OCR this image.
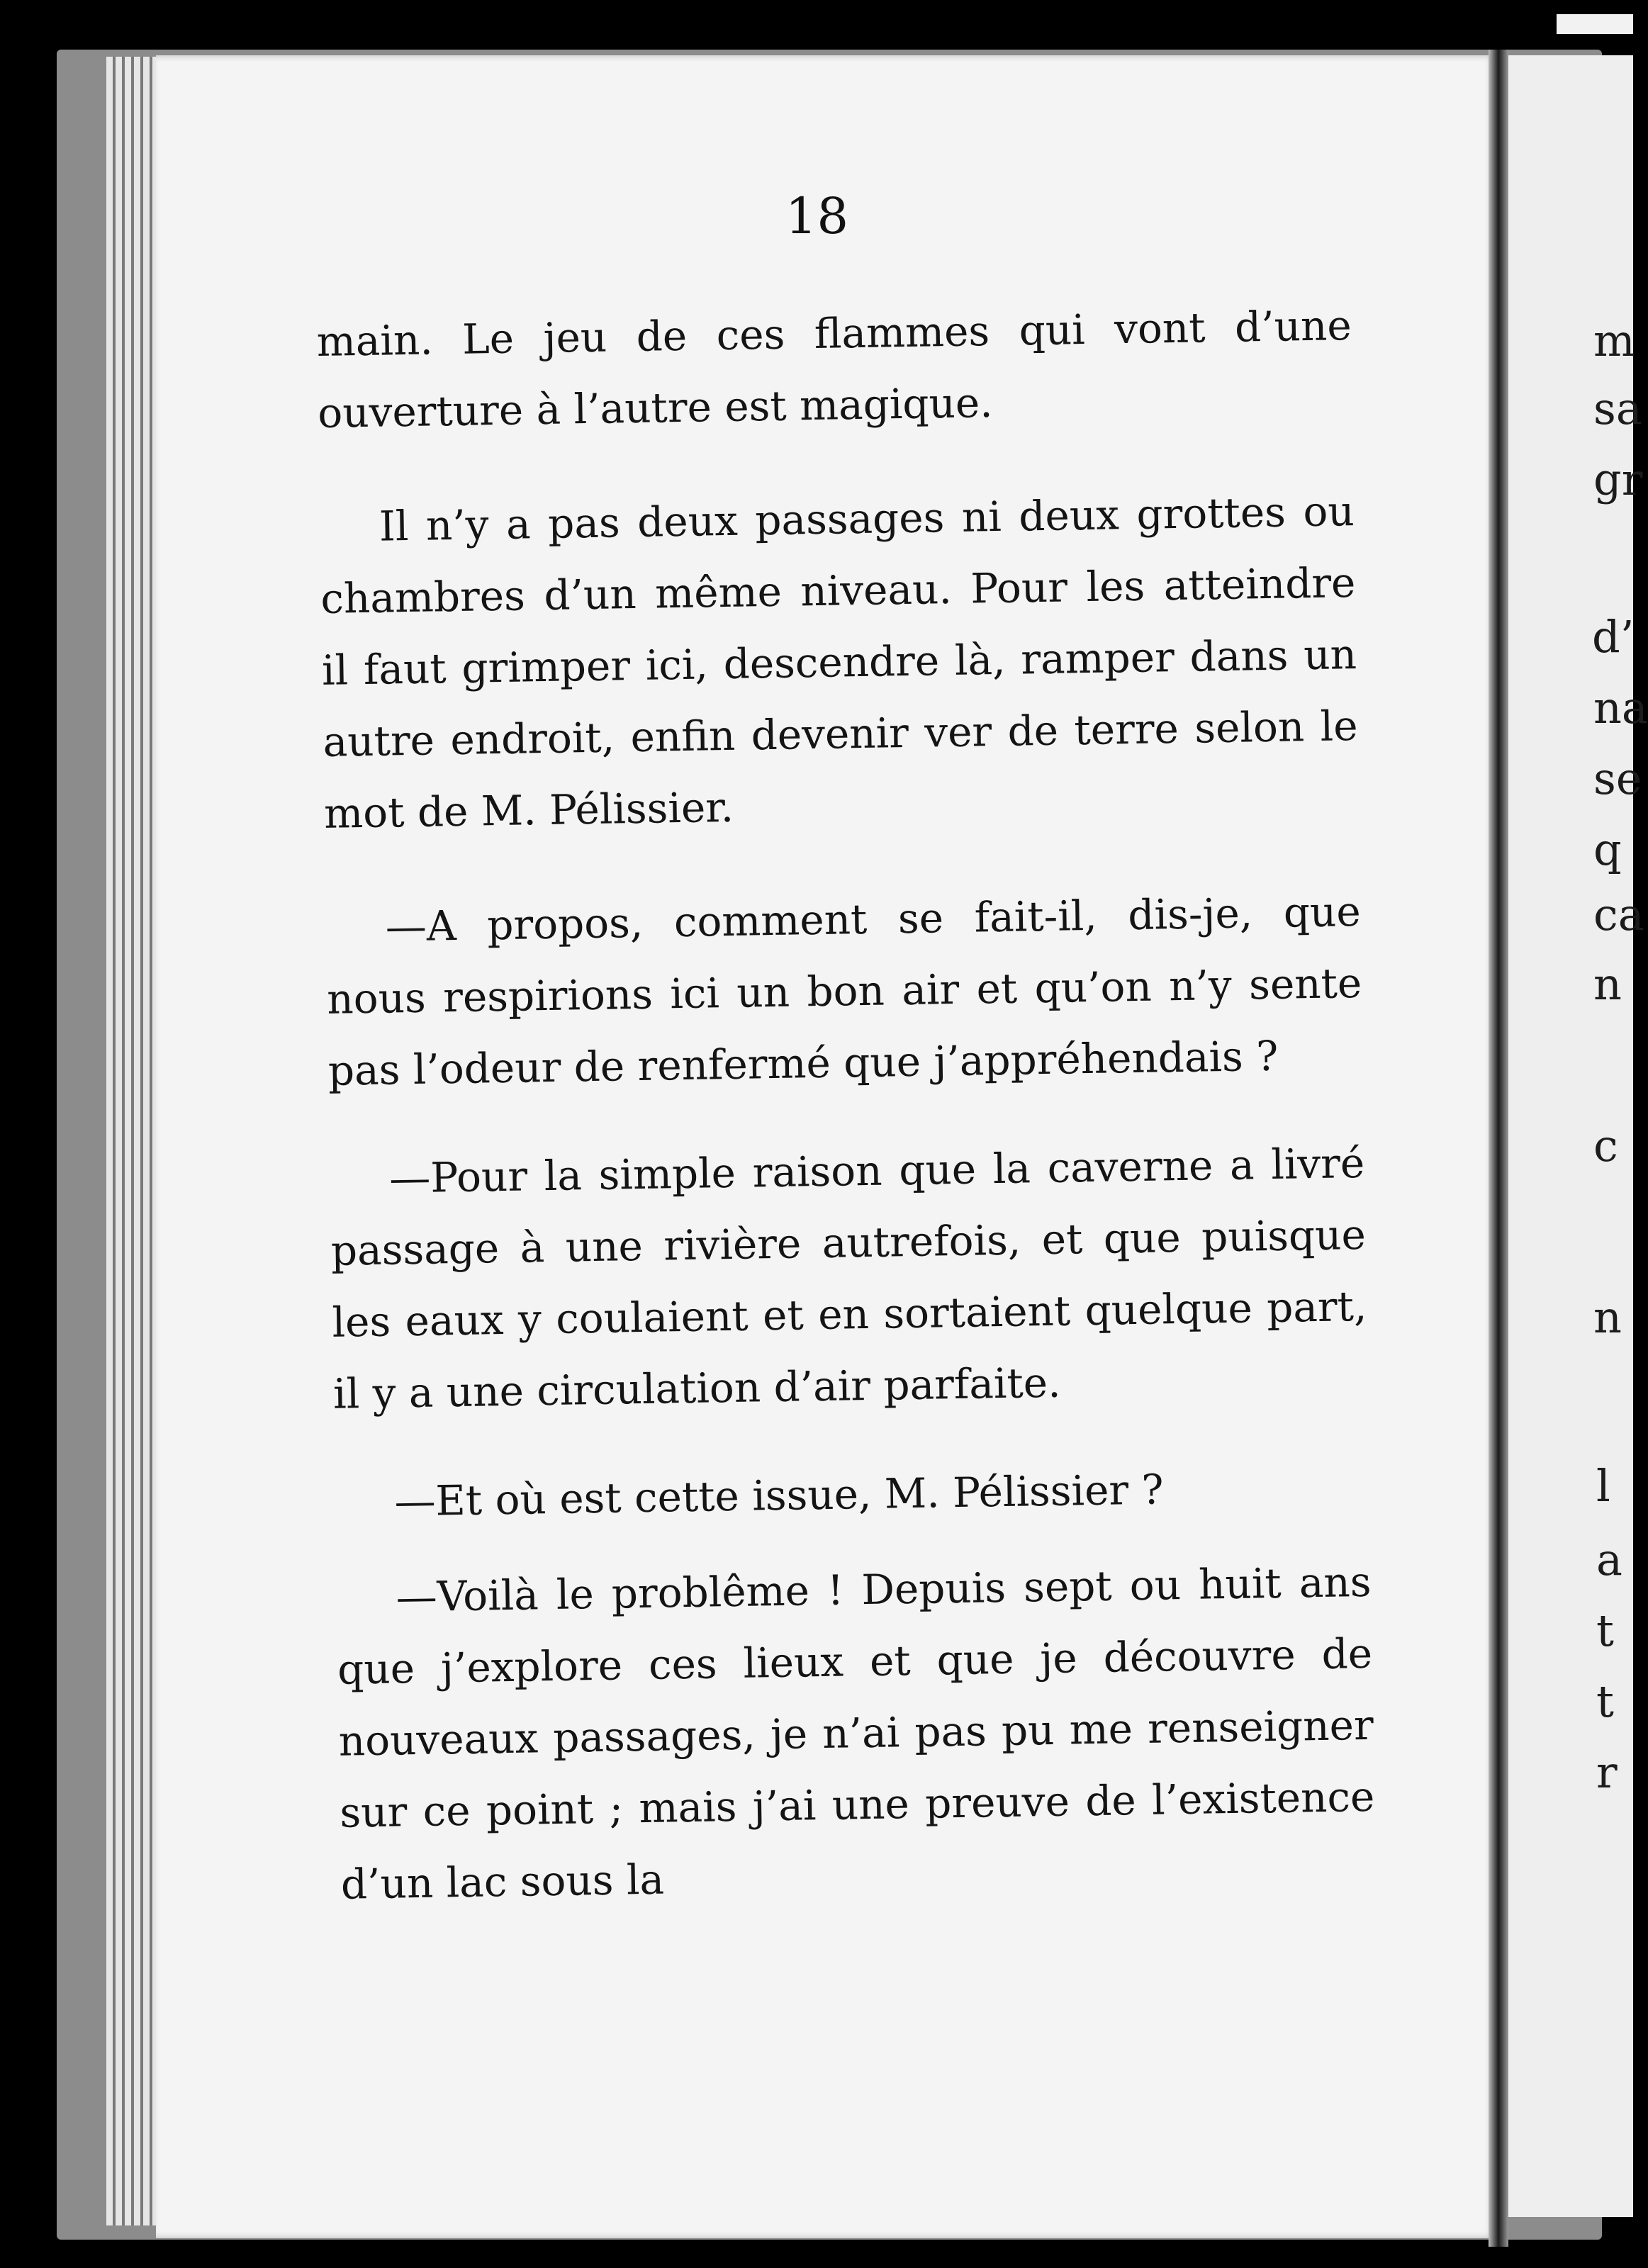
18

main. Le jeu de ces flammes qui vont d’une ouverture à l’autre est magique.

Il n’y a pas deux passages ni deux grottes ou chambres d’un même niveau. Pour les atteindre il faut grimper ici, descendre là, ramper dans un autre endroit, enfin devenir ver de terre selon le mot de M. Pélissier.

—A propos, comment se fait-il, dis-je, que nous respirions ici un bon air et qu’on n’y sente pas l’odeur de renfermé que j’appréhendais ?

—Pour la simple raison que la caverne a livré passage à une rivière autrefois, et que puisque les eaux y coulaient et en sortaient quelque part, il y a une circulation d’air parfaite.

—Et où est cette issue, M. Pélissier ?

—Voilà le problême ! Depuis sept ou huit ans que j’explore ces lieux et que je découvre de nouveaux passages, je n’ai pas pu me renseigner sur ce point ; mais j’ai une preuve de l’existence d’un lac sous la

m
sa
gr
d’
na
se
q
ca
n
c
n
l
a
t
t
r
